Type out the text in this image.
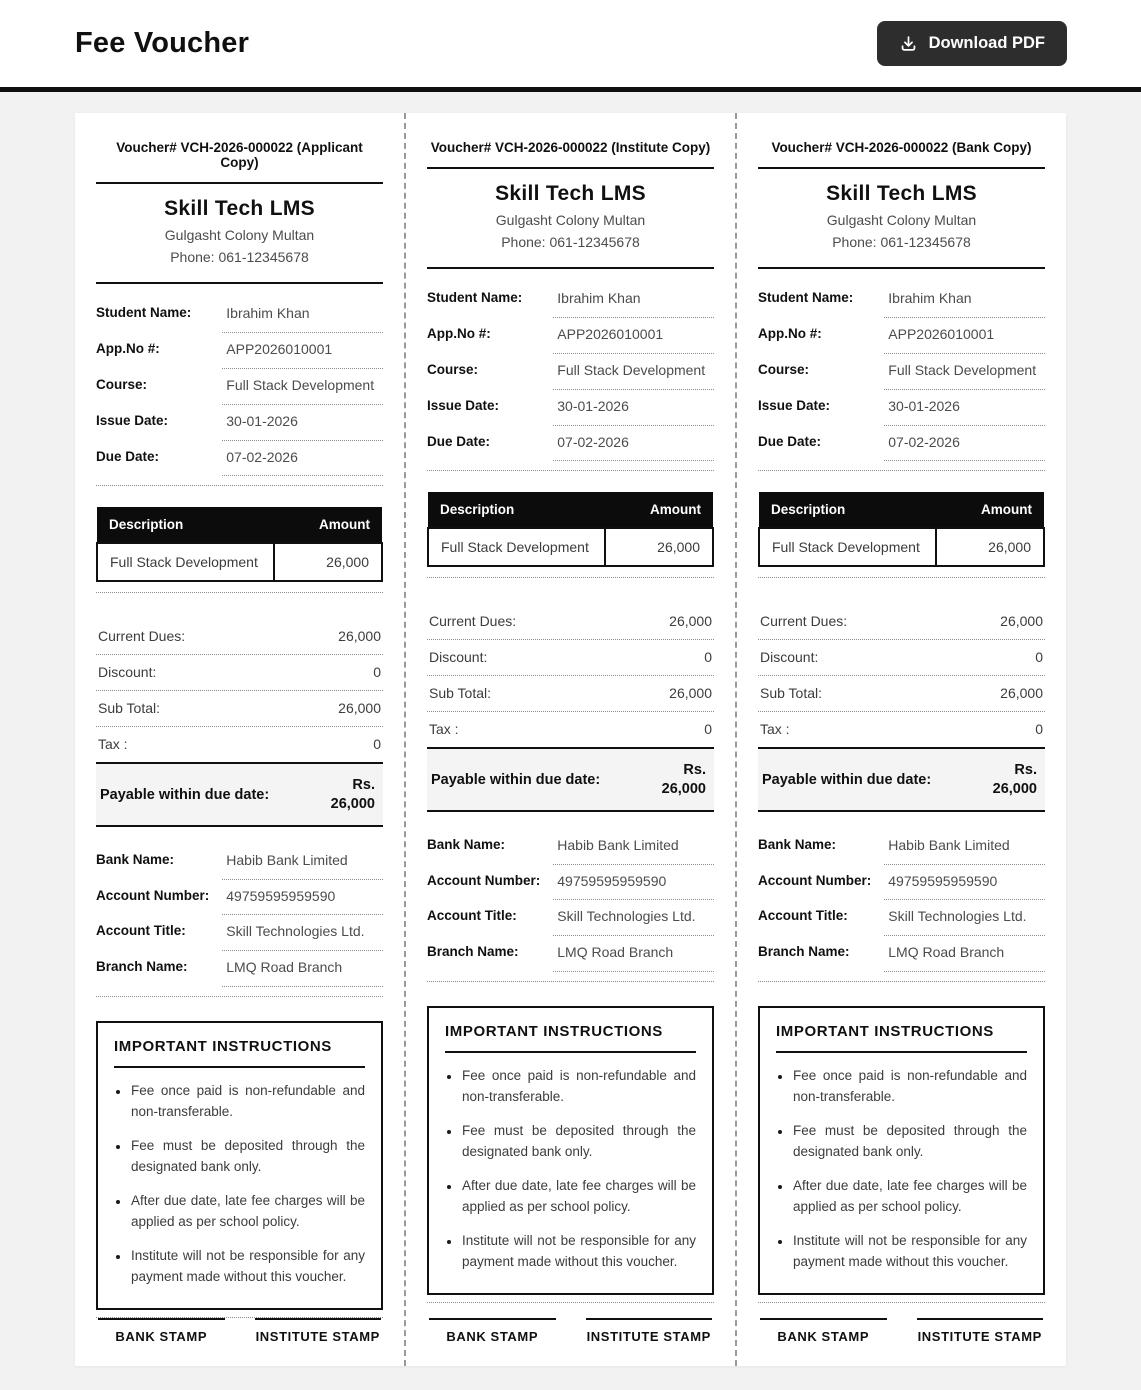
Fee Voucher	Download PDF
Voucher# VCH-2026-000022 (Applicant Copy)
Skill Tech LMS
Gulgasht Colony Multan
Phone: 061-12345678
Student Name:	Ibrahim Khan
App.No #:	APP2026010001
Course:	Full Stack Development
Issue Date:	30-01-2026
Due Date:	07-02-2026
Description	Amount
Full Stack Development	26,000
Current Dues:	26,000
Discount:	0
Sub Total:	26,000
Tax :	0
Payable within due date:
Rs. 26,000
Bank Name:	Habib Bank Limited
Account Number:	49759595959590
Account Title:	Skill Technologies Ltd.
Branch Name:	LMQ Road Branch
IMPORTANT INSTRUCTIONS
Fee once paid is non-refundable and non-transferable.
Fee must be deposited through the designated bank only.
After due date, late fee charges will be applied as per school policy.
Institute will not be responsible for any payment made without this voucher.
BANK STAMP	INSTITUTE STAMP
Voucher# VCH-2026-000022 (Institute Copy)
Skill Tech LMS
Gulgasht Colony Multan
Phone: 061-12345678
Student Name:	Ibrahim Khan
App.No #:	APP2026010001
Course:	Full Stack Development
Issue Date:	30-01-2026
Due Date:	07-02-2026
Description	Amount
Full Stack Development	26,000
Current Dues:	26,000
Discount:	0
Sub Total:	26,000
Tax :	0
Payable within due date:
Rs. 26,000
Bank Name:	Habib Bank Limited
Account Number:	49759595959590
Account Title:	Skill Technologies Ltd.
Branch Name:	LMQ Road Branch
IMPORTANT INSTRUCTIONS
Fee once paid is non-refundable and non-transferable.
Fee must be deposited through the designated bank only.
After due date, late fee charges will be applied as per school policy.
Institute will not be responsible for any payment made without this voucher.
BANK STAMP	INSTITUTE STAMP
Voucher# VCH-2026-000022 (Bank Copy)
Skill Tech LMS
Gulgasht Colony Multan
Phone: 061-12345678
Student Name:	Ibrahim Khan
App.No #:	APP2026010001
Course:	Full Stack Development
Issue Date:	30-01-2026
Due Date:	07-02-2026
Description	Amount
Full Stack Development	26,000
Current Dues:	26,000
Discount:	0
Sub Total:	26,000
Tax :	0
Payable within due date:
Rs. 26,000
Bank Name:	Habib Bank Limited
Account Number:	49759595959590
Account Title:	Skill Technologies Ltd.
Branch Name:	LMQ Road Branch
IMPORTANT INSTRUCTIONS
Fee once paid is non-refundable and non-transferable.
Fee must be deposited through the designated bank only.
After due date, late fee charges will be applied as per school policy.
Institute will not be responsible for any payment made without this voucher.
BANK STAMP	INSTITUTE STAMP
